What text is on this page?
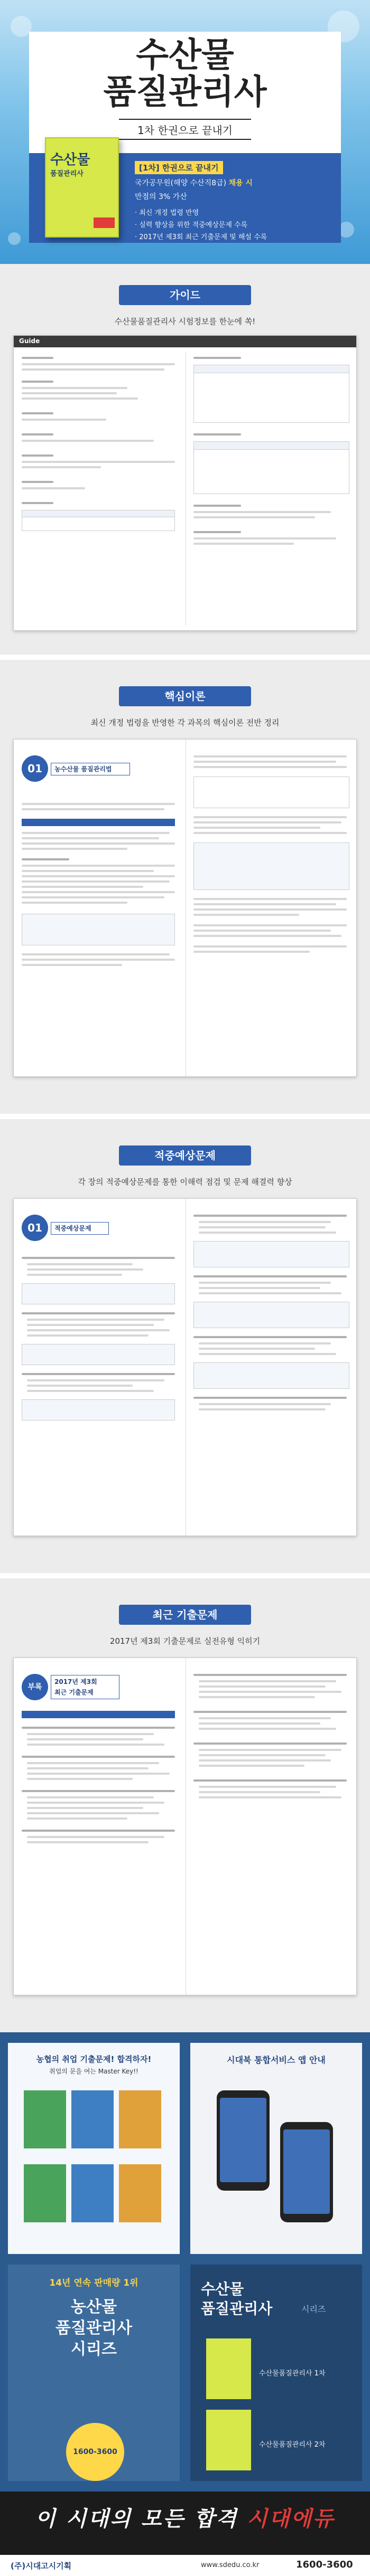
수산물
품질관리사
1차 한권으로 끝내기
수산물
품질관리사
[1차] 한권으로 끝내기
국가공무원(해양 수산직8급) 채용 시
만점의 3% 가산
· 최신 개정 법령 반영
· 실력 향상을 위한 적중예상문제 수록
· 2017년 제3회 최근 기출문제 및 해설 수록
가이드
수산물품질관리사 시험정보를 한눈에 쏙!
Guide
핵심이론
최신 개정 법령을 반영한 각 과목의 핵심이론 전반 정리
01	농수산물 품질관리법
적중예상문제
각 장의 적중예상문제를 통한 이해력 점검 및 문제 해결력 향상
01	적중예상문제
최근 기출문제
2017년 제3회 기출문제로 실전유형 익히기
부록
2017년 제3회
최근 기출문제
농협의 취업 기출문제! 합격하자!
취업의 문을 여는 Master Key!!
시대북 통합서비스 앱 안내
14년 연속 판매량 1위
농산물
품질관리사
시리즈
1600-3600
수산물
품질관리사	시리즈
수산물품질관리사 1차
수산물품질관리사 2차
이 시대의 모든 합격 시대에듀
(주)시대고시기획	www.sdedu.co.kr	1600-3600
